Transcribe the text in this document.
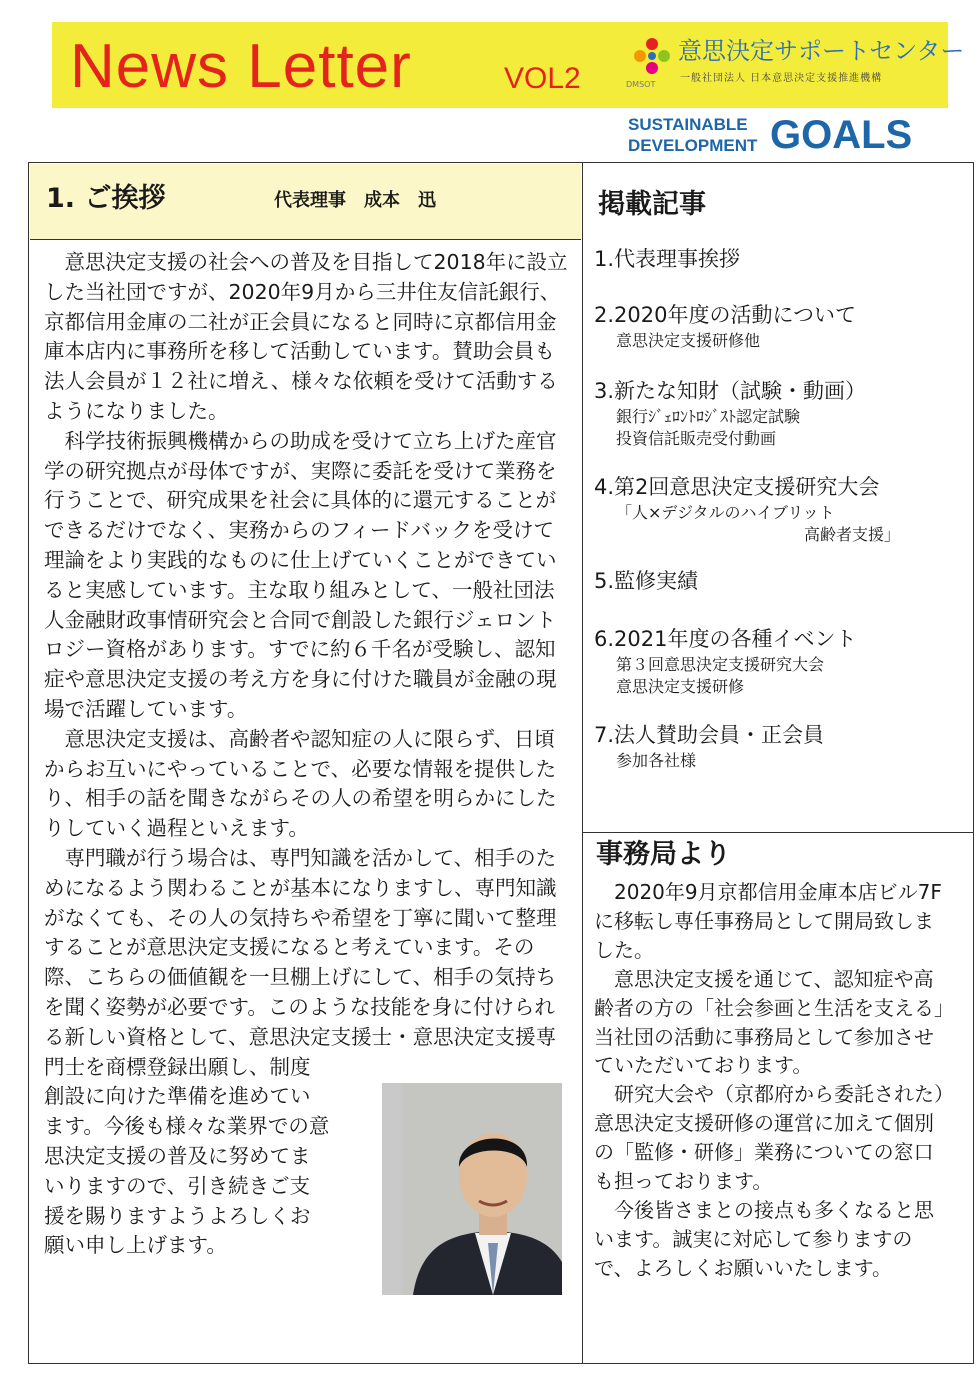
News Letter	VOL2	DMSOT
意思決定サポートセンター
一般社団法人 日本意思決定支援推進機構
SUSTAINABLE
DEVELOPMENT GOALS
1. ご挨拶	代表理事　成本　迅

意思決定支援の社会への普及を目指して2018年に設立した当社団ですが、2020年9月から三井住友信託銀行、京都信用金庫の二社が正会員になると同時に京都信用金庫本店内に事務所を移して活動しています。賛助会員も法人会員が１２社に増え、様々な依頼を受けて活動するようになりました。

科学技術振興機構からの助成を受けて立ち上げた産官学の研究拠点が母体ですが、実際に委託を受けて業務を行うことで、研究成果を社会に具体的に還元することができるだけでなく、実務からのフィードバックを受けて理論をより実践的なものに仕上げていくことができていると実感しています。主な取り組みとして、一般社団法人金融財政事情研究会と合同で創設した銀行ジェロントロジー資格があります。すでに約６千名が受験し、認知症や意思決定支援の考え方を身に付けた職員が金融の現場で活躍しています。

意思決定支援は、高齢者や認知症の人に限らず、日頃からお互いにやっていることで、必要な情報を提供したり、相手の話を聞きながらその人の希望を明らかにしたりしていく過程といえます。

専門職が行う場合は、専門知識を活かして、相手のためになるよう関わることが基本になりますし、専門知識がなくても、その人の気持ちや希望を丁寧に聞いて整理することが意思決定支援になると考えています。その際、こちらの価値観を一旦棚上げにして、相手の気持ちを聞く姿勢が必要です。このような技能を身に付けられる新しい資格として、意思決定支援士・意思決定支援専門士
を商標登録出願し、制度創設に向けた準備を進めています。今後も様々な業界での意思決定支援の普及に努めてまいりますので、引き続きご支援を賜りますようよろしくお願い申し上げます。

掲載記事
1.代表理事挨拶
2.2020年度の活動について
意思決定支援研修他
3.新たな知財（試験・動画）
銀行ｼﾞｪﾛﾝﾄﾛｼﾞｽﾄ認定試験
投資信託販売受付動画
4.第2回意思決定支援研究大会
「人×デジタルのハイブリット
高齢者支援」
5.監修実績
6.2021年度の各種イベント
第３回意思決定支援研究大会
意思決定支援研修
7.法人賛助会員・正会員
参加各社様
事務局より

2020年9月京都信用金庫本店ビル7Fに移転し専任事務局として開局致しました。

意思決定支援を通じて、認知症や高齢者の方の「社会参画と生活を支える」当社団の活動に事務局として参加させていただいております。

研究大会や（京都府から委託された）意思決定支援研修の運営に加えて個別の「監修・研修」業務についての窓口も担っております。

今後皆さまとの接点も多くなると思います。誠実に対応して参りますので、よろしくお願いいたします。
